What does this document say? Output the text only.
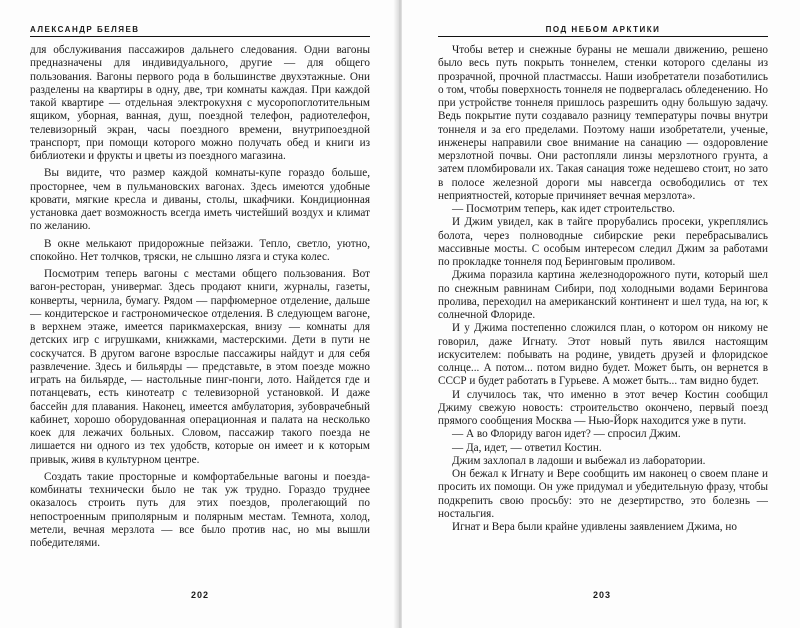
АЛЕКСАНДР БЕЛЯЕВ

для обслуживания пассажиров дальнего следования. Одни вагоны предназначены для индивидуального, другие — для общего пользования. Вагоны первого рода в большинстве двухэтажные. Они разделены на квартиры в одну, две, три комнаты каждая. При каждой такой квартире — отдельная электрокухня с мусоропоглотительным ящиком, уборная, ванная, душ, поездной телефон, радиотелефон, телевизорный экран, часы поездного времени, внутрипоездной транспорт, при помощи которого можно получать обед и книги из библиотеки и фрукты и цветы из поездного магазина.

Вы видите, что размер каждой комнаты-купе гораздо больше, просторнее, чем в пульмановских вагонах. Здесь имеются удобные кровати, мягкие кресла и диваны, столы, шкафчики. Кондиционная установка дает возможность всегда иметь чистейший воздух и климат по желанию.

В окне мелькают придорожные пейзажи. Тепло, светло, уютно, спокойно. Нет толчков, тряски, не слышно лязга и стука колес.

Посмотрим теперь вагоны с местами общего пользования. Вот вагон-ресторан, универмаг. Здесь продают книги, журналы, газеты, конверты, чернила, бумагу. Рядом — парфюмерное отделение, дальше — кондитерское и гастрономическое отделения. В следующем вагоне, в верхнем этаже, имеется парикмахерская, внизу — комнаты для детских игр с игрушками, книжками, мастерскими. Дети в пути не соскучатся. В другом вагоне взрослые пассажиры найдут и для себя развлечение. Здесь и бильярды — представьте, в этом поезде можно играть на бильярде, — настольные пинг-понги, лото. Найдется где и потанцевать, есть кинотеатр с телевизорной установкой. И даже бассейн для плавания. Наконец, имеется амбулатория, зубоврачебный кабинет, хорошо оборудованная операционная и палата на несколько коек для лежачих больных. Словом, пассажир такого поезда не лишается ни одного из тех удобств, которые он имеет и к которым привык, живя в культурном центре.

Создать такие просторные и комфортабельные вагоны и поезда-комбинаты технически было не так уж трудно. Гораздо труднее оказалось строить путь для этих поездов, пролегающий по непостроенным приполярным и полярным местам. Темнота, холод, метели, вечная мерзлота — все было против нас, но мы вышли победителями.

202
ПОД НЕБОМ АРКТИКИ

Чтобы ветер и снежные бураны не мешали движению, решено было весь путь покрыть тоннелем, стенки которого сделаны из прозрачной, прочной пластмассы. Наши изобретатели позаботились о том, чтобы поверхность тоннеля не подвергалась обледенению. Но при устройстве тоннеля пришлось разрешить одну большую задачу. Ведь покрытие пути создавало разницу температуры почвы внутри тоннеля и за его пределами. Поэтому наши изобретатели, ученые, инженеры направили свое внимание на санацию — оздоровление мерзлотной почвы. Они растопляли линзы мерзлотного грунта, а затем пломбировали их. Такая санация тоже недешево стоит, но зато в полосе железной дороги мы навсегда освободились от тех неприятностей, которые причиняет вечная мерзлота».

— Посмотрим теперь, как идет строительство.

И Джим увидел, как в тайге прорубались просеки, укреплялись болота, через полноводные сибирские реки перебрасывались массивные мосты. С особым интересом следил Джим за работами по прокладке тоннеля под Беринговым проливом.

Джима поразила картина железнодорожного пути, который шел по снежным равнинам Сибири, под холодными водами Берингова пролива, переходил на американский континент и шел туда, на юг, к солнечной Флориде.

И у Джима постепенно сложился план, о котором он никому не говорил, даже Игнату. Этот новый путь явился настоящим искусителем: побывать на родине, увидеть друзей и флоридское солнце... А потом... потом видно будет. Может быть, он вернется в СССР и будет работать в Гурьеве. А может быть... там видно будет.

И случилось так, что именно в этот вечер Костин сообщил Джиму свежую новость: строительство окончено, первый поезд прямого сообщения Москва — Нью-Йорк находится уже в пути.

— А во Флориду вагон идет? — спросил Джим.

— Да, идет, — ответил Костин.

Джим захлопал в ладоши и выбежал из лаборатории.

Он бежал к Игнату и Вере сообщить им наконец о своем плане и просить их помощи. Он уже придумал и убедительную фразу, чтобы подкрепить свою просьбу: это не дезертирство, это болезнь — ностальгия.

Игнат и Вера были крайне удивлены заявлением Джима, но

203
